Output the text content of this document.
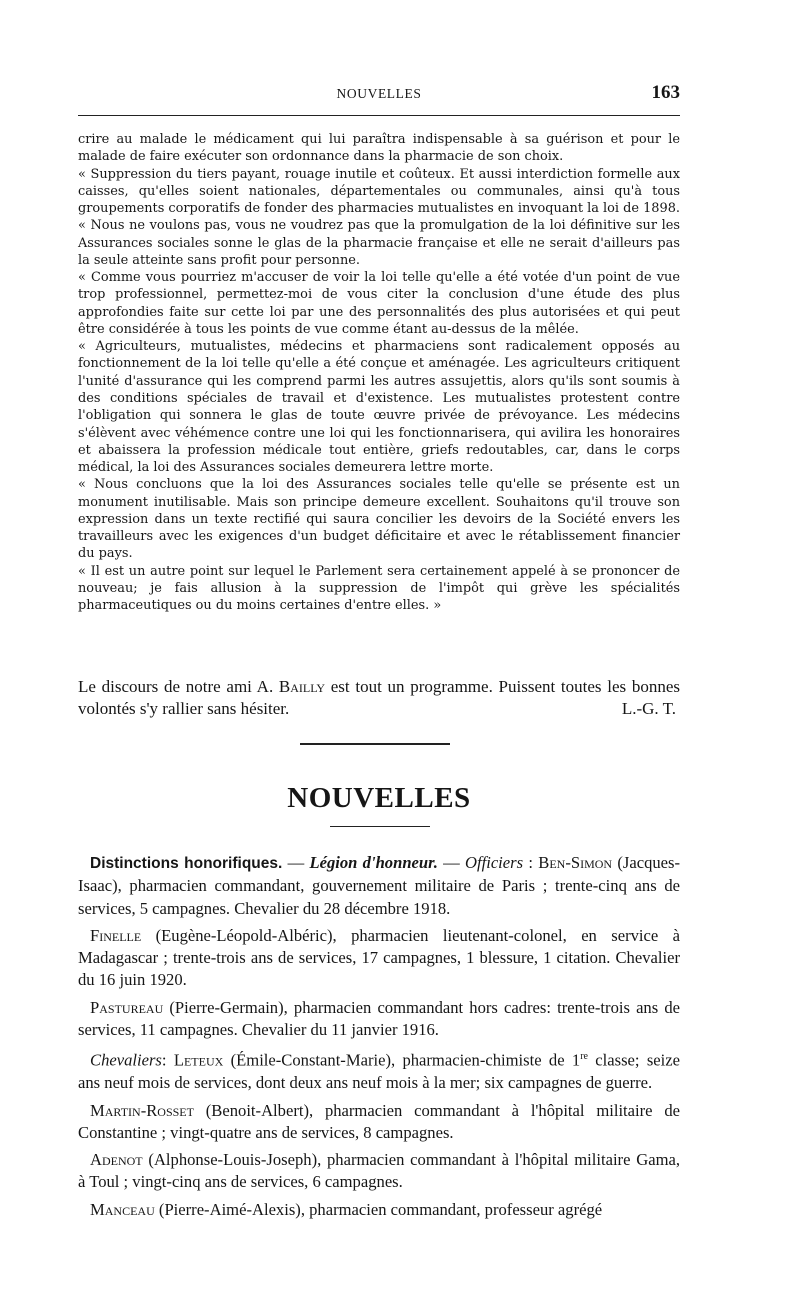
NOUVELLES	163

crire au malade le médicament qui lui paraîtra indispensable à sa guérison et pour le malade de faire exécuter son ordonnance dans la pharmacie de son choix.

« Suppression du tiers payant, rouage inutile et coûteux. Et aussi interdiction formelle aux caisses, qu'elles soient nationales, départementales ou communales, ainsi qu'à tous groupements corporatifs de fonder des pharmacies mutualistes en invoquant la loi de 1898.

« Nous ne voulons pas, vous ne voudrez pas que la promulgation de la loi définitive sur les Assurances sociales sonne le glas de la pharmacie française et elle ne serait d'ailleurs pas la seule atteinte sans profit pour personne.

« Comme vous pourriez m'accuser de voir la loi telle qu'elle a été votée d'un point de vue trop professionnel, permettez-moi de vous citer la conclusion d'une étude des plus approfondies faite sur cette loi par une des personnalités des plus autorisées et qui peut être considérée à tous les points de vue comme étant au-dessus de la mêlée.

« Agriculteurs, mutualistes, médecins et pharmaciens sont radicalement opposés au fonctionnement de la loi telle qu'elle a été conçue et aménagée. Les agriculteurs critiquent l'unité d'assurance qui les comprend parmi les autres assujettis, alors qu'ils sont soumis à des conditions spéciales de travail et d'existence. Les mutualistes protestent contre l'obligation qui sonnera le glas de toute œuvre privée de prévoyance. Les médecins s'élèvent avec véhémence contre une loi qui les fonctionnarisera, qui avilira les honoraires et abaissera la profession médicale tout entière, griefs redoutables, car, dans le corps médical, la loi des Assurances sociales demeurera lettre morte.

« Nous concluons que la loi des Assurances sociales telle qu'elle se présente est un monument inutilisable. Mais son principe demeure excellent. Souhaitons qu'il trouve son expression dans un texte rectifié qui saura concilier les devoirs de la Société envers les travailleurs avec les exigences d'un budget déficitaire et avec le rétablissement financier du pays.

« Il est un autre point sur lequel le Parlement sera certainement appelé à se prononcer de nouveau; je fais allusion à la suppression de l'impôt qui grève les spécialités pharmaceutiques ou du moins certaines d'entre elles. »

Le discours de notre ami A. Bailly est tout un programme. Puissent toutes les bonnes volontés s'y rallier sans hésiter.	L.-G. T.

NOUVELLES

Distinctions honorifiques. — Légion d'honneur. — Officiers : Ben-Simon (Jacques-Isaac), pharmacien commandant, gouvernement militaire de Paris ; trente-cinq ans de services, 5 campagnes. Chevalier du 28 décembre 1918.

Finelle (Eugène-Léopold-Albéric), pharmacien lieutenant-colonel, en service à Madagascar ; trente-trois ans de services, 17 campagnes, 1 blessure, 1 citation. Chevalier du 16 juin 1920.

Pastureau (Pierre-Germain), pharmacien commandant hors cadres: trente-trois ans de services, 11 campagnes. Chevalier du 11 janvier 1916.

Chevaliers: Leteux (Émile-Constant-Marie), pharmacien-chimiste de 1re classe; seize ans neuf mois de services, dont deux ans neuf mois à la mer; six campagnes de guerre.

Martin-Rosset (Benoit-Albert), pharmacien commandant à l'hôpital militaire de Constantine ; vingt-quatre ans de services, 8 campagnes.

Adenot (Alphonse-Louis-Joseph), pharmacien commandant à l'hôpital militaire Gama, à Toul ; vingt-cinq ans de services, 6 campagnes.

Manceau (Pierre-Aimé-Alexis), pharmacien commandant, professeur agrégé
